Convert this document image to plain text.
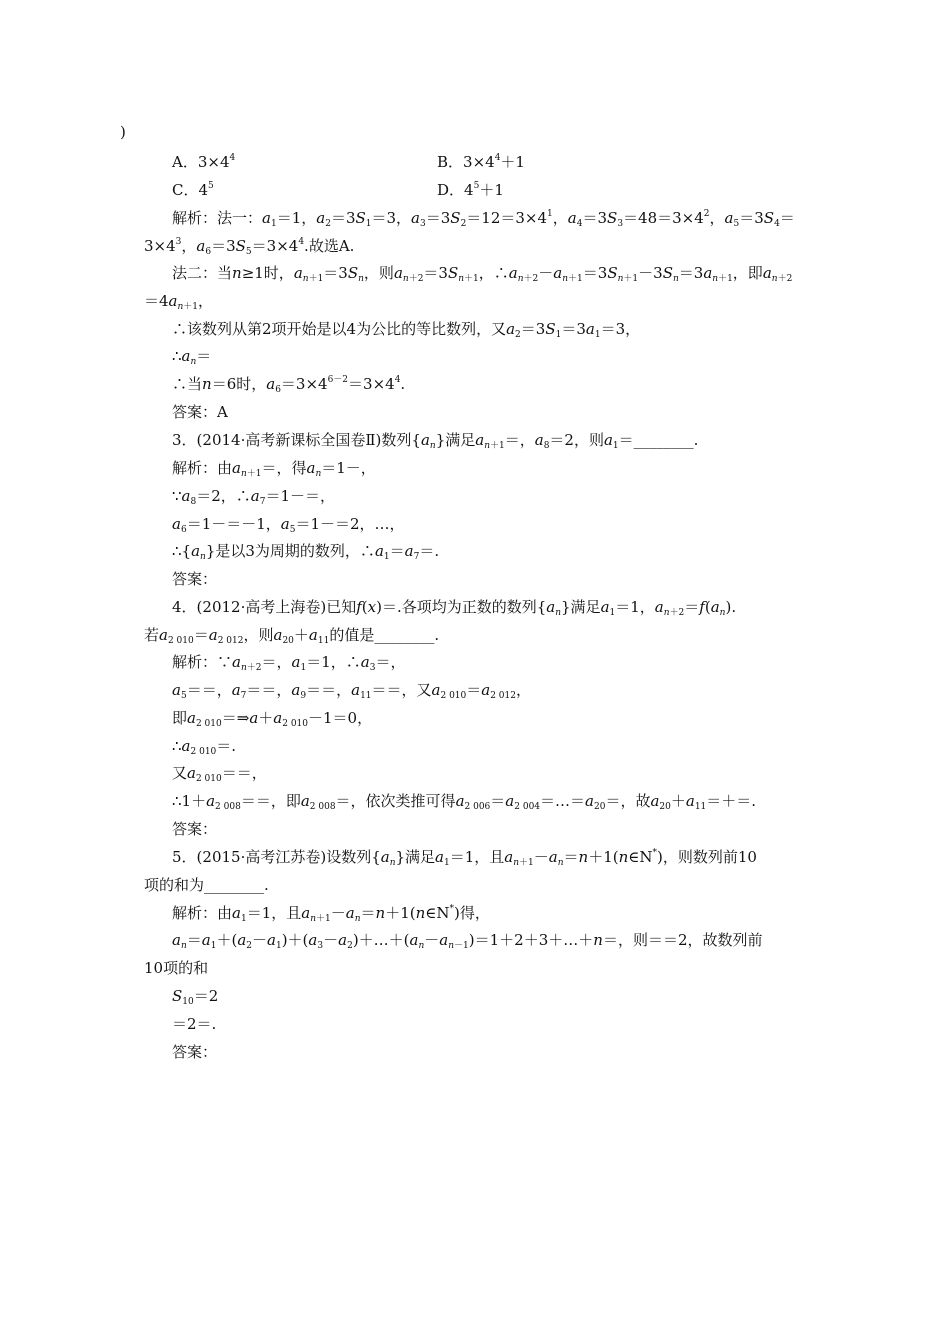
)
A．$3\times 4^4$	B．$3\times 4^4+1$
C．$4^5$	D．$4^5+1$
解析：法一：$a_1=1$，$a_2=3S_1=3$，$a_3=3S_2=12=3\times 4^1$，$a_4=3S_3=48=3\times 4^2$，$a_5=3S_4=$
$3\times 4^3$，$a_6=3S_5=3\times 4^4$.故选A.
法二：当n≥1时，$a_{n+1}=3S_n$，则$a_{n+2}=3S_{n+1}$，$\therefore a_{n+2}-a_{n+1}=3S_{n+1}-3S_n=3a_{n+1}$，即$a_{n+2}$
$=4a_{n+1}$，
∴该数列从第2项开始是以4为公比的等比数列，又$a_2=3S_1=3a_1=3$，
$\therefore a_n=$
∴当n＝6时，$a_6=3\times 4^{6-2}=3\times 4^4$.
答案：A
3．(2014·高考新课标全国卷Ⅱ)数列$\{a_n\}$满足$a_{n+1}=$，$a_8=2$，则$a_1=\_\_\_\_\_\_\_\_$.
解析：由$a_{n+1}=$，得$a_n=1-$，
$\because a_8=2$，$\therefore a_7=1-=$，
$a_6=1-=-1$，$a_5=1-=2$，…，
$\therefore\{a_n\}$是以3为周期的数列，$\therefore a_1=a_7=$.
答案：
4．(2012·高考上海卷)已知f(x)＝.各项均为正数的数列$\{a_n\}$满足$a_1=1$，$a_{n+2}=f(a_n)$.
若$a_{2 010}=a_{2 012}$，则$a_{20}+a_{11}$的值是________.
解析：$\because a_{n+2}=$，$a_1=1$，$\therefore a_3=$，
$a_5==$，$a_7==$，$a_9==$，$a_{11}==$，又$a_{2 010}=a_{2 012}$，
即$a_{2 010}=\Rightarrow a+a_{2 010}-1=0$，
$\therefore a_{2 010}=$.
又$a_{2 010}==$，
$\therefore 1+a_{2 008}==$，即$a_{2 008}=$，依次类推可得$a_{2 006}=a_{2 004}=\dots=a_{20}=$，故$a_{20}+a_{11}=+=$.
答案：
5．(2015·高考江苏卷)设数列$\{a_n\}$满足$a_1=1$，且$a_{n+1}-a_n=n+1(n\in N^*)$，则数列前10
项的和为________.
解析：由$a_1=1$，且$a_{n+1}-a_n=n+1(n\in N^*)$得，
$a_n=a_1+(a_2-a_1)+(a_3-a_2)+\dots+(a_n-a_{n-1})=1+2+3+\dots+n=$，则＝＝2，故数列前
10项的和
$S_{10}=2$
＝2＝.
答案：
